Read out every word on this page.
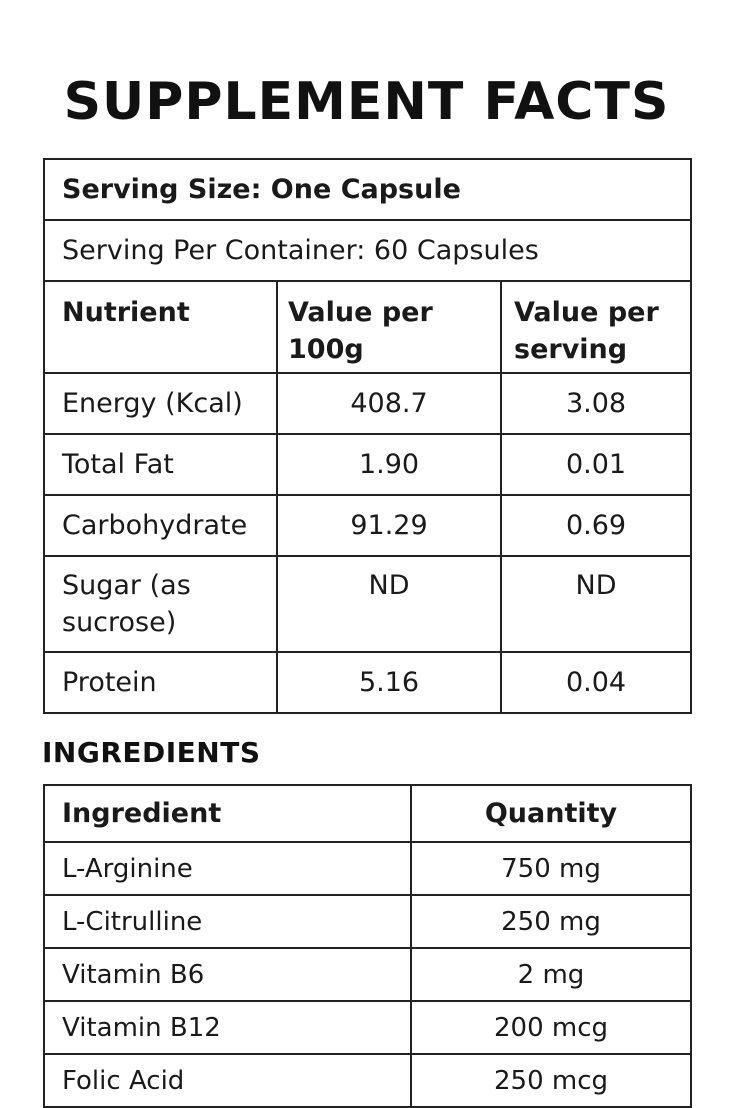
SUPPLEMENT FACTS
Serving Size: One Capsule		
Serving Per Container: 60 Capsules		
Nutrient	Value per 100g	Value per serving
Energy (Kcal)	408.7	3.08
Total Fat	1.90	0.01
Carbohydrate	91.29	0.69
Sugar (as sucrose)	ND	ND
Protein	5.16	0.04
INGREDIENTS
Ingredient	Quantity
L-Arginine	750 mg
L-Citrulline	250 mg
Vitamin B6	2 mg
Vitamin B12	200 mcg
Folic Acid	250 mcg
